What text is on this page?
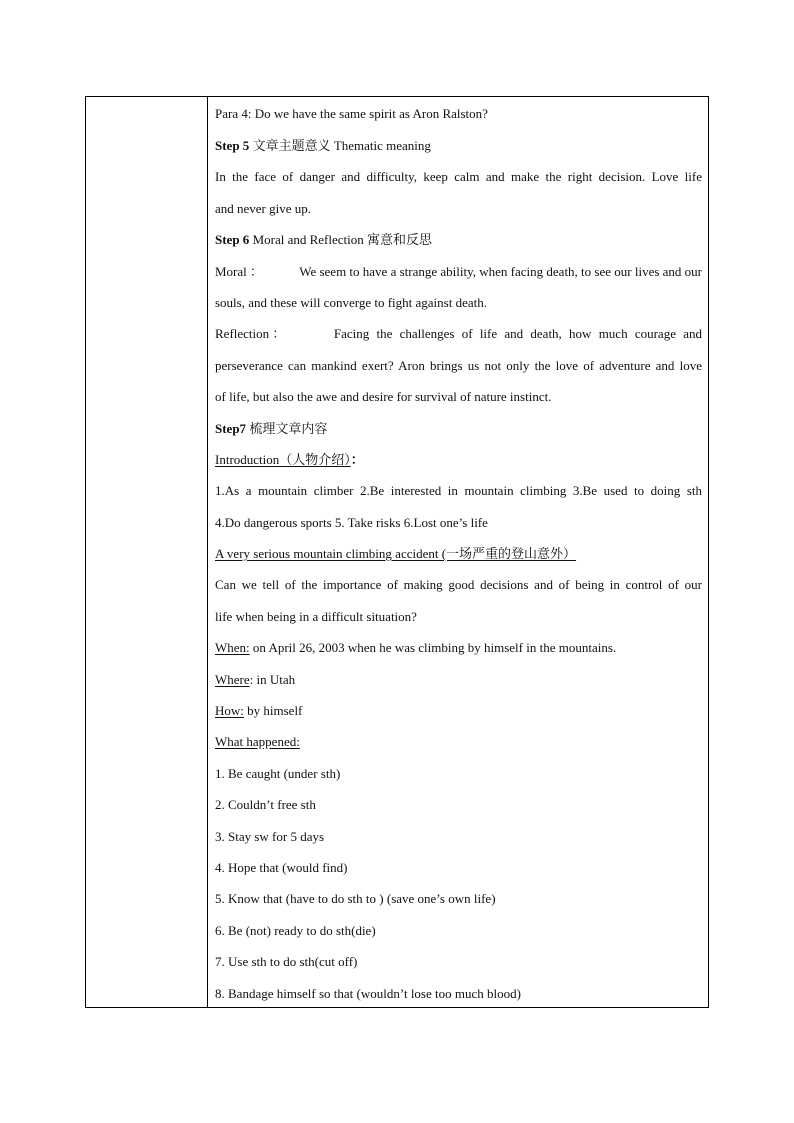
Para 4: Do we have the same spirit as Aron Ralston?
Step 5 文章主题意义 Thematic meaning
In the face of danger and difficulty, keep calm and make the right decision. Love life
and never give up.
Step 6 Moral and Reflection 寓意和反思
Moral ：	We seem to have a strange ability, when facing death, to see our lives and our
souls, and these will converge to fight against death.
Reflection ：	Facing the challenges of life and death, how much courage and
perseverance can mankind exert? Aron brings us not only the love of adventure and love
of life, but also the awe and desire for survival of nature instinct.
Step7 梳理文章内容
Introduction（人物介绍）：
1.As a mountain climber 2.Be interested in mountain climbing 3.Be used to doing sth
4.Do dangerous sports 5. Take risks 6.Lost one’s life
A very serious mountain climbing accident (一场严重的登山意外）
Can we tell of the importance of making good decisions and of being in control of our
life when being in a difficult situation?
When: on April 26, 2003 when he was climbing by himself in the mountains.
Where: in Utah
How: by himself
What happened:
1. Be caught (under sth)
2. Couldn’t free sth
3. Stay sw for 5 days
4. Hope that (would find)
5. Know that (have to do sth to ) (save one’s own life)
6. Be (not) ready to do sth(die)
7. Use sth to do sth(cut off)
8. Bandage himself so that (wouldn’t lose too much blood)
